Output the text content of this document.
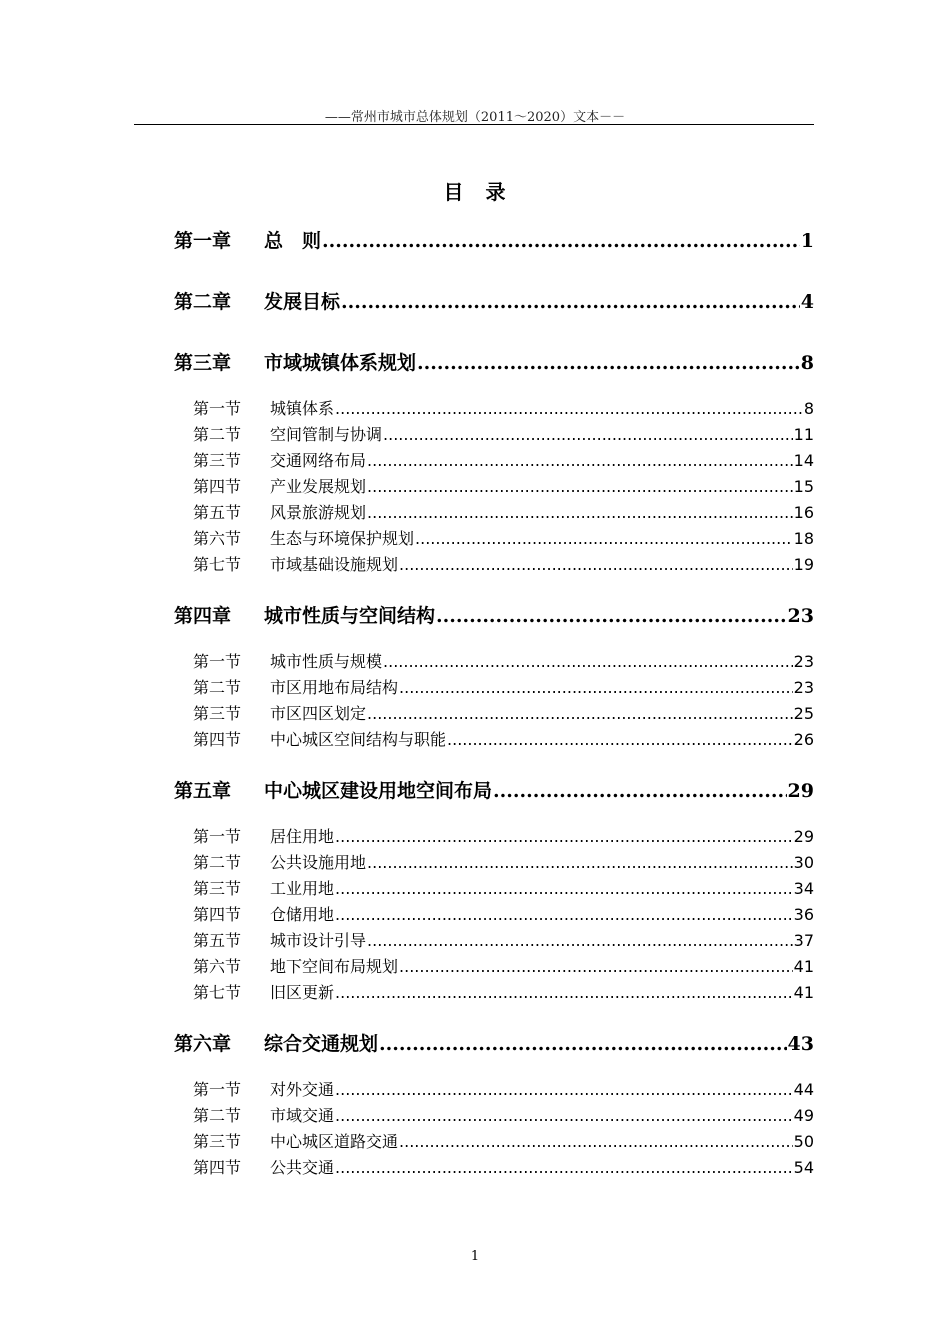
——常州市城市总体规划（2011～2020）文本－－
目　录
第一章	总　则 .....	1
第二章	发展目标 .....	4
第三章	市域城镇体系规划 .....	8
第一节	城镇体系 .....	8
第二节	空间管制与协调 .....	11
第三节	交通网络布局 .....	14
第四节	产业发展规划 .....	15
第五节	风景旅游规划 .....	16
第六节	生态与环境保护规划 .....	18
第七节	市域基础设施规划 .....	19
第四章	城市性质与空间结构 .....	23
第一节	城市性质与规模 .....	23
第二节	市区用地布局结构 .....	23
第三节	市区四区划定 .....	25
第四节	中心城区空间结构与职能 .....	26
第五章	中心城区建设用地空间布局 .....	29
第一节	居住用地 .....	29
第二节	公共设施用地 .....	30
第三节	工业用地 .....	34
第四节	仓储用地 .....	36
第五节	城市设计引导 .....	37
第六节	地下空间布局规划 .....	41
第七节	旧区更新 .....	41
第六章	综合交通规划 .....	43
第一节	对外交通 .....	44
第二节	市域交通 .....	49
第三节	中心城区道路交通 .....	50
第四节	公共交通 .....	54
1
